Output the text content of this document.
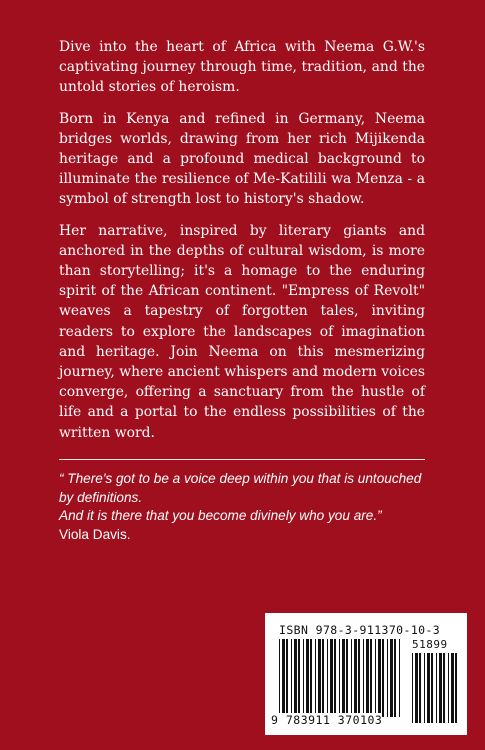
Dive into the heart of Africa with Neema G.W.'s captivating journey through time, tradition, and the untold stories of heroism.

Born in Kenya and refined in Germany, Neema bridges worlds, drawing from her rich Mijikenda heritage and a profound medical background to illuminate the resilience of Me-Katilili wa Menza - a symbol of strength lost to history's shadow.

Her narrative, inspired by literary giants and anchored in the depths of cultural wisdom, is more than storytelling; it's a homage to the enduring spirit of the African continent. "Empress of Revolt" weaves a tapestry of forgotten tales, inviting readers to explore the landscapes of imagination and heritage. Join Neema on this mesmerizing journey, where ancient whispers and modern voices converge, offering a sanctuary from the hustle of life and a portal to the endless possibilities of the written word.

“ There's got to be a voice deep within you that is untouched by definitions.
And it is there that you become divinely who you are.”
Viola Davis.
ISBN 978-3-911370-10-3
51899
9 783911 370103
